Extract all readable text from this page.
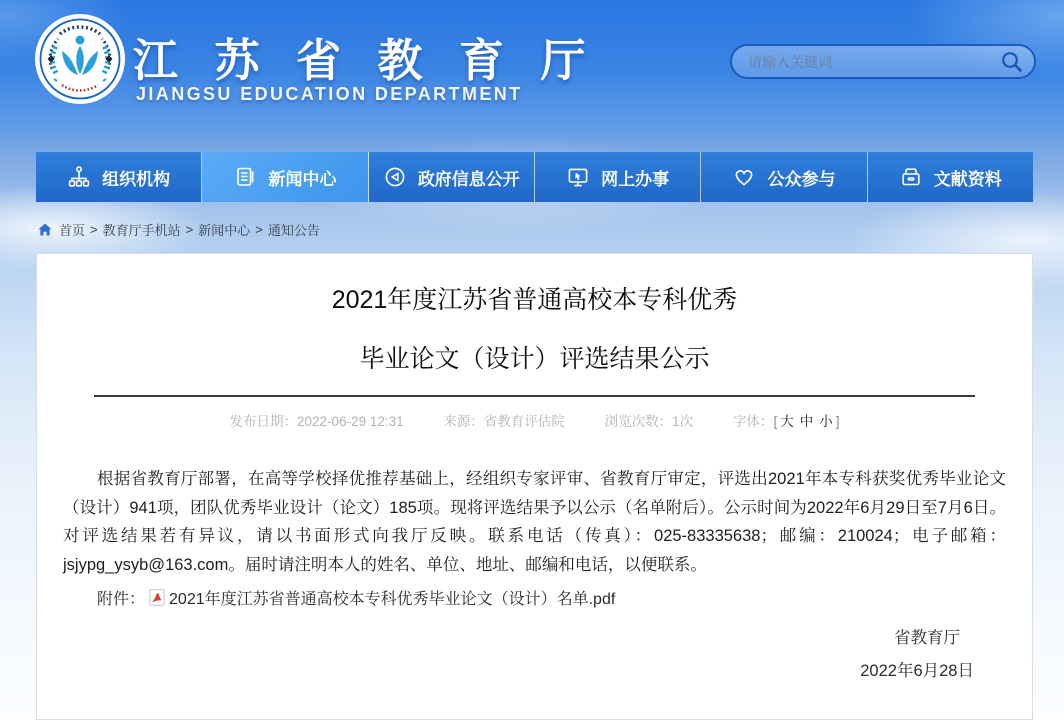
江 苏 省 教 育 厅
JIANGSU EDUCATION DEPARTMENT
请输入关键词
组织机构	新闻中心	政府信息公开	网上办事	公众参与	文献资料
首页 > 教育厅手机站 > 新闻中心 > 通知公告
2021年度江苏省普通高校本专科优秀
毕业论文（设计）评选结果公示
发布日期：2022-06-29 12:31	来源：省教育评估院	浏览次数：1次	字体：[ 大 中 小 ]
根据省教育厅部署，在高等学校择优推荐基础上，经组织专家评审、省教育厅审定，评选出2021年本专科获奖优秀毕业论文（设计）941项，团队优秀毕业设计（论文）185项。现将评选结果予以公示（名单附后）。公示时间为2022年6月29日至7月6日。对评选结果若有异议，请以书面形式向我厅反映。联系电话（传真）：025-83335638；邮编：210024；电子邮箱：jsjypg_ysyb@163.com。届时请注明本人的姓名、单位、地址、邮编和电话，以便联系。
附件： 2021年度江苏省普通高校本专科优秀毕业论文（设计）名单.pdf
省教育厅
2022年6月28日
